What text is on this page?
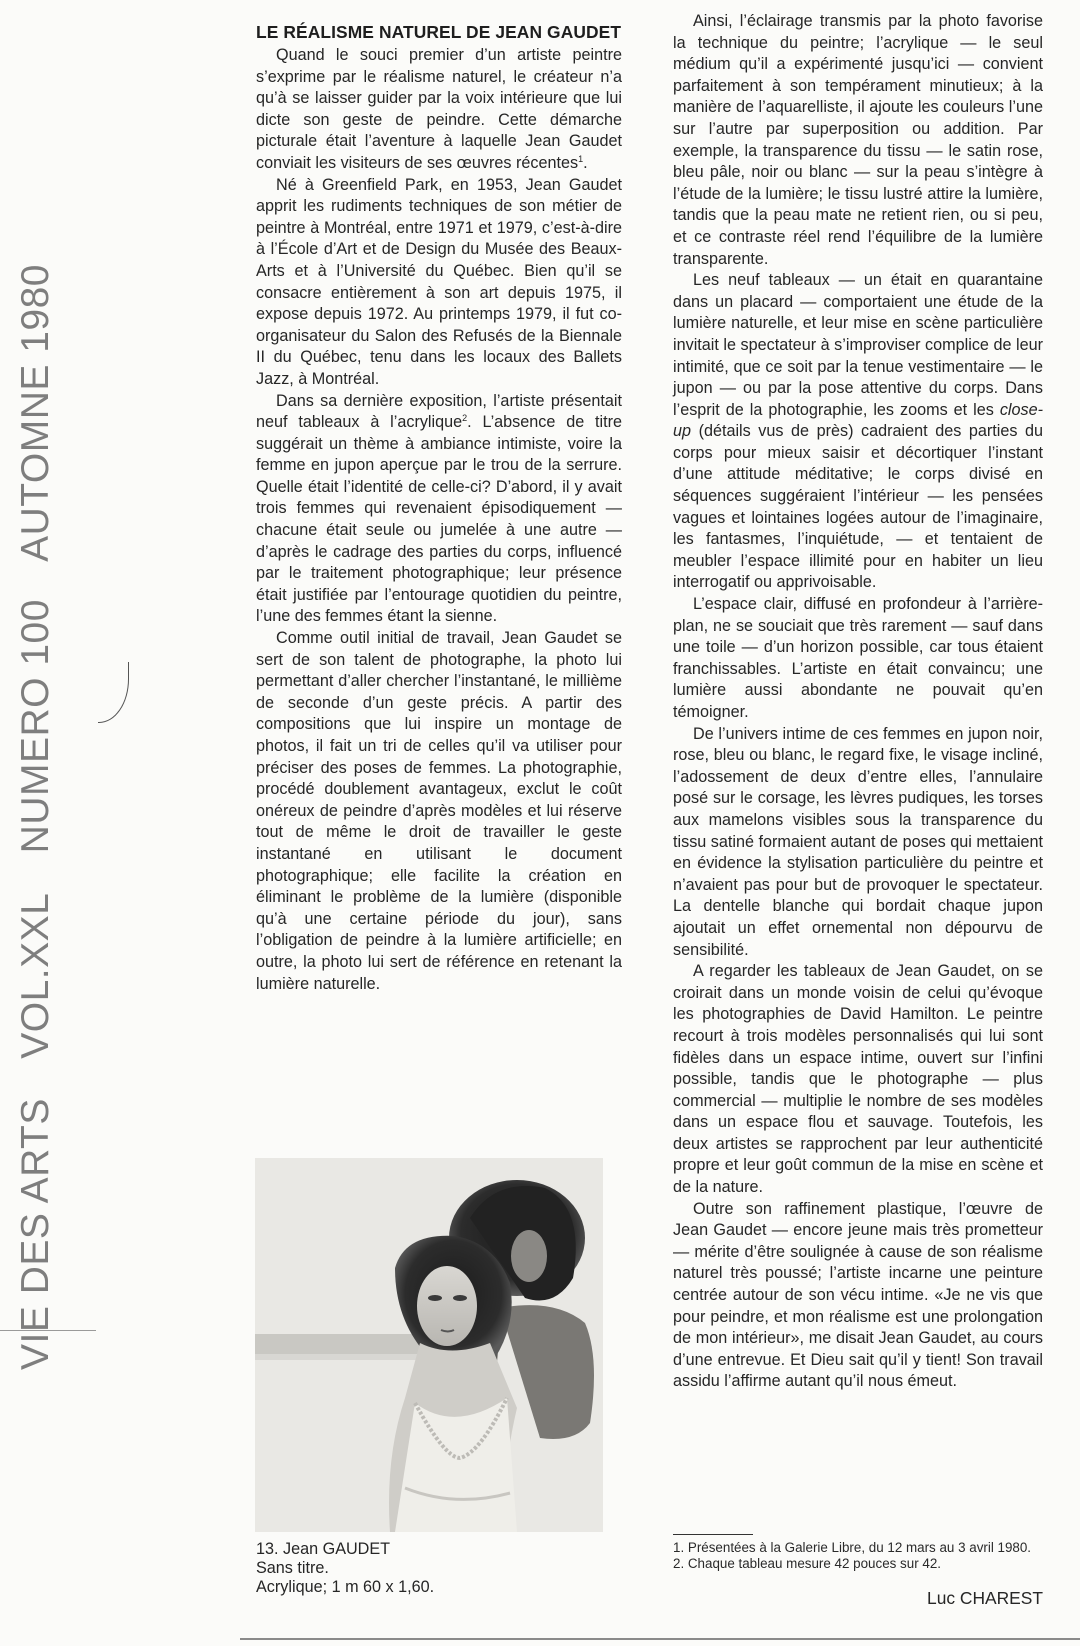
VIE DES ARTS VOL.XXL NUMERO 100 AUTOMNE 1980
LE RÉALISME NATUREL DE JEAN GAUDET

Quand le souci premier d’un artiste peintre s’exprime par le réalisme naturel, le créateur n’a qu’à se laisser guider par la voix intérieure que lui dicte son geste de peindre. Cette démarche picturale était l’aventure à laquelle Jean Gaudet conviait les visiteurs de ses œuvres récentes$^1$.

Né à Greenfield Park, en 1953, Jean Gaudet apprit les rudiments techniques de son métier de peintre à Montréal, entre 1971 et 1979, c’est-à-dire à l’École d’Art et de Design du Musée des Beaux-Arts et à l’Université du Québec. Bien qu’il se consacre entièrement à son art depuis 1975, il expose depuis 1972. Au printemps 1979, il fut co-organisateur du Salon des Refusés de la Biennale II du Québec, tenu dans les locaux des Ballets Jazz, à Montréal.

Dans sa dernière exposition, l’artiste présentait neuf tableaux à l’acrylique$^2$. L’absence de titre suggérait un thème à ambiance intimiste, voire la femme en jupon aperçue par le trou de la serrure. Quelle était l’identité de celle-ci? D’abord, il y avait trois femmes qui revenaient épisodiquement — chacune était seule ou jumelée à une autre — d’après le cadrage des parties du corps, influencé par le traitement photographique; leur présence était justifiée par l’entourage quotidien du peintre, l’une des femmes étant la sienne.

Comme outil initial de travail, Jean Gaudet se sert de son talent de photographe, la photo lui permettant d’aller chercher l’instantané, le millième de seconde d’un geste précis. A partir des compositions que lui inspire un montage de photos, il fait un tri de celles qu’il va utiliser pour préciser des poses de femmes. La photographie, procédé doublement avantageux, exclut le coût onéreux de peindre d’après modèles et lui réserve tout de même le droit de travailler le geste instantané en utilisant le document photographique; elle facilite la création en éliminant le problème de la lumière (disponible qu’à une certaine période du jour), sans l’obligation de peindre à la lumière artificielle; en outre, la photo lui sert de référence en retenant la lumière naturelle.

13. Jean GAUDET
Sans titre.
Acrylique; 1 m 60 x 1,60.

Ainsi, l’éclairage transmis par la photo favorise la technique du peintre; l’acrylique — le seul médium qu’il a expérimenté jusqu’ici — convient parfaitement à son tempérament minutieux; à la manière de l’aquarelliste, il ajoute les couleurs l’une sur l’autre par superposition ou addition. Par exemple, la transparence du tissu — le satin rose, bleu pâle, noir ou blanc — sur la peau s’intègre à l’étude de la lumière; le tissu lustré attire la lumière, tandis que la peau mate ne retient rien, ou si peu, et ce contraste réel rend l’équilibre de la lumière transparente.

Les neuf tableaux — un était en quarantaine dans un placard — comportaient une étude de la lumière naturelle, et leur mise en scène particulière invitait le spectateur à s’improviser complice de leur intimité, que ce soit par la tenue vestimentaire — le jupon — ou par la pose attentive du corps. Dans l’esprit de la photographie, les zooms et les close-up (détails vus de près) cadraient des parties du corps pour mieux saisir et décortiquer l’instant d’une attitude méditative; le corps divisé en séquences suggéraient l’intérieur — les pensées vagues et lointaines logées autour de l’imaginaire, les fantasmes, l’inquiétude, — et tentaient de meubler l’espace illimité pour en habiter un lieu interrogatif ou apprivoisable.

L’espace clair, diffusé en profondeur à l’arrière-plan, ne se souciait que très rarement — sauf dans une toile — d’un horizon possible, car tous étaient franchissables. L’artiste en était convaincu; une lumière aussi abondante ne pouvait qu’en témoigner.

De l’univers intime de ces femmes en jupon noir, rose, bleu ou blanc, le regard fixe, le visage incliné, l’adossement de deux d’entre elles, l’annulaire posé sur le corsage, les lèvres pudiques, les torses aux mamelons visibles sous la transparence du tissu satiné formaient autant de poses qui mettaient en évidence la stylisation particulière du peintre et n’avaient pas pour but de provoquer le spectateur. La dentelle blanche qui bordait chaque jupon ajoutait un effet ornemental non dépourvu de sensibilité.

A regarder les tableaux de Jean Gaudet, on se croirait dans un monde voisin de celui qu’évoque les photographies de David Hamilton. Le peintre recourt à trois modèles personnalisés qui lui sont fidèles dans un espace intime, ouvert sur l’infini possible, tandis que le photographe — plus commercial — multiplie le nombre de ses modèles dans un espace flou et sauvage. Toutefois, les deux artistes se rapprochent par leur authenticité propre et leur goût commun de la mise en scène et de la nature.

Outre son raffinement plastique, l’œuvre de Jean Gaudet — encore jeune mais très prometteur — mérite d’être soulignée à cause de son réalisme naturel très poussé; l’artiste incarne une peinture centrée autour de son vécu intime. «Je ne vis que pour peindre, et mon réalisme est une prolongation de mon intérieur», me disait Jean Gaudet, au cours d’une entrevue. Et Dieu sait qu’il y tient! Son travail assidu l’affirme autant qu’il nous émeut.

1. Présentées à la Galerie Libre, du 12 mars au 3 avril 1980.
2. Chaque tableau mesure 42 pouces sur 42.
Luc CHAREST
